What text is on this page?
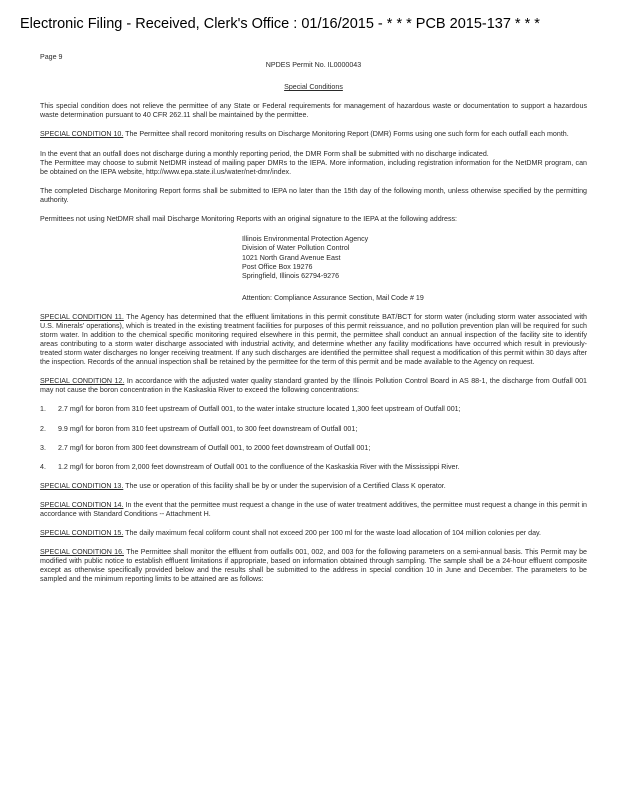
Electronic Filing - Received, Clerk's Office : 01/16/2015 - * * * PCB 2015-137 * * *
Page 9
NPDES Permit No. IL0000043
Special Conditions

This special condition does not relieve the permittee of any State or Federal requirements for management of hazardous waste or documentation to support a hazardous waste determination pursuant to 40 CFR 262.11 shall be maintained by the permittee.

SPECIAL CONDITION 10. The Permittee shall record monitoring results on Discharge Monitoring Report (DMR) Forms using one such form for each outfall each month.

In the event that an outfall does not discharge during a monthly reporting period, the DMR Form shall be submitted with no discharge indicated.

The Permittee may choose to submit NetDMR instead of mailing paper DMRs to the IEPA. More information, including registration information for the NetDMR program, can be obtained on the IEPA website, http://www.epa.state.il.us/water/net-dmr/index.

The completed Discharge Monitoring Report forms shall be submitted to IEPA no later than the 15th day of the following month, unless otherwise specified by the permitting authority.

Permittees not using NetDMR shall mail Discharge Monitoring Reports with an original signature to the IEPA at the following address:

Illinois Environmental Protection Agency
Division of Water Pollution Control
1021 North Grand Avenue East
Post Office Box 19276
Springfield, Illinois 62794-9276
Attention: Compliance Assurance Section, Mail Code # 19

SPECIAL CONDITION 11. The Agency has determined that the effluent limitations in this permit constitute BAT/BCT for storm water (including storm water associated with U.S. Minerals' operations), which is treated in the existing treatment facilities for purposes of this permit reissuance, and no pollution prevention plan will be required for such storm water. In addition to the chemical specific monitoring required elsewhere in this permit, the permittee shall conduct an annual inspection of the facility site to identify areas contributing to a storm water discharge associated with industrial activity, and determine whether any facility modifications have occurred which result in previously-treated storm water discharges no longer receiving treatment. If any such discharges are identified the permittee shall request a modification of this permit within 30 days after the inspection. Records of the annual inspection shall be retained by the permittee for the term of this permit and be made available to the Agency on request.

SPECIAL CONDITION 12. In accordance with the adjusted water quality standard granted by the Illinois Pollution Control Board in AS 88-1, the discharge from Outfall 001 may not cause the boron concentration in the Kaskaskia River to exceed the following concentrations:

1.	2.7 mg/l for boron from 310 feet upstream of Outfall 001, to the water intake structure located 1,300 feet upstream of Outfall 001;
2.	9.9 mg/l for boron from 310 feet upstream of Outfall 001, to 300 feet downstream of Outfall 001;
3.	2.7 mg/l for boron from 300 feet downstream of Outfall 001, to 2000 feet downstream of Outfall 001;
4.	1.2 mg/l for boron from 2,000 feet downstream of Outfall 001 to the confluence of the Kaskaskia River with the Mississippi River.

SPECIAL CONDITION 13. The use or operation of this facility shall be by or under the supervision of a Certified Class K operator.

SPECIAL CONDITION 14. In the event that the permittee must request a change in the use of water treatment additives, the permittee must request a change in this permit in accordance with Standard Conditions -- Attachment H.

SPECIAL CONDITION 15. The daily maximum fecal coliform count shall not exceed 200 per 100 ml for the waste load allocation of 104 million colonies per day.

SPECIAL CONDITION 16. The Permittee shall monitor the effluent from outfalls 001, 002, and 003 for the following parameters on a semi-annual basis. This Permit may be modified with public notice to establish effluent limitations if appropriate, based on information obtained through sampling. The sample shall be a 24-hour effluent composite except as otherwise specifically provided below and the results shall be submitted to the address in special condition 10 in June and December. The parameters to be sampled and the minimum reporting limits to be attained are as follows:
